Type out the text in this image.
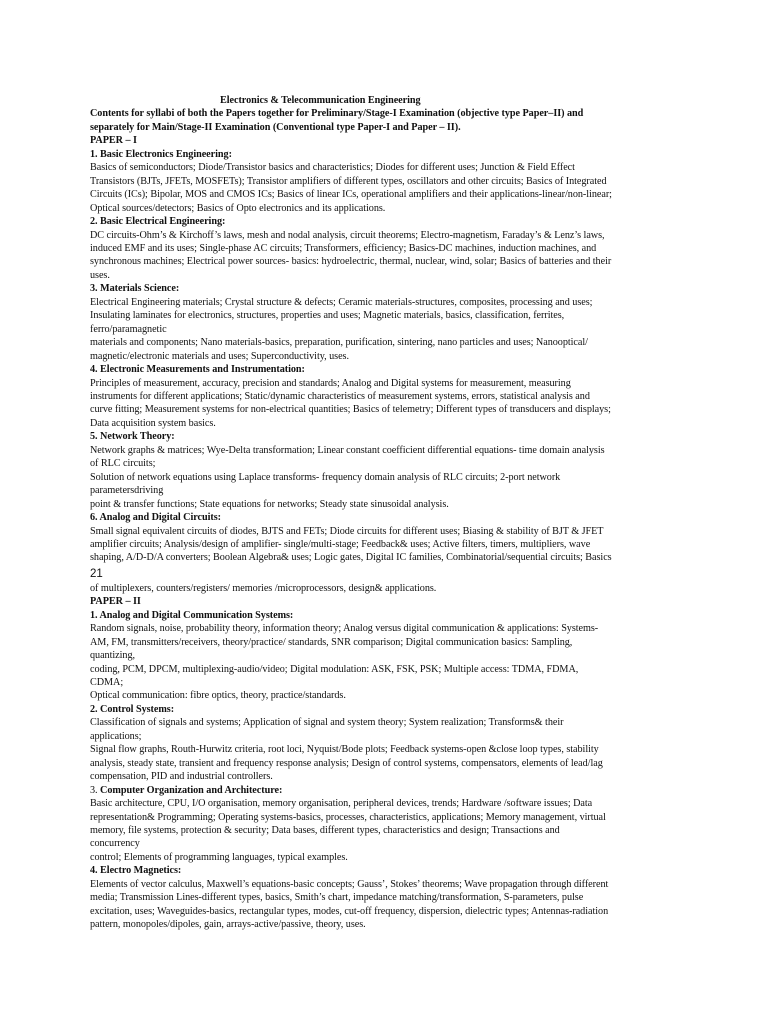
Electronics & Telecommunication Engineering
Contents for syllabi of both the Papers together for Preliminary/Stage-I Examination (objective type Paper–II) and
separately for Main/Stage-II Examination (Conventional type Paper-I and Paper – II).
PAPER – I
1. Basic Electronics Engineering:
Basics of semiconductors; Diode/Transistor basics and characteristics; Diodes for different uses; Junction & Field Effect
Transistors (BJTs, JFETs, MOSFETs); Transistor amplifiers of different types, oscillators and other circuits; Basics of Integrated
Circuits (ICs); Bipolar, MOS and CMOS ICs; Basics of linear ICs, operational amplifiers and their applications-linear/non-linear;
Optical sources/detectors; Basics of Opto electronics and its applications.
2. Basic Electrical Engineering:
DC circuits-Ohm’s & Kirchoff’s laws, mesh and nodal analysis, circuit theorems; Electro-magnetism, Faraday’s & Lenz’s laws,
induced EMF and its uses; Single-phase AC circuits; Transformers, efficiency; Basics-DC machines, induction machines, and
synchronous machines; Electrical power sources- basics: hydroelectric, thermal, nuclear, wind, solar; Basics of batteries and their
uses.
3. Materials Science:
Electrical Engineering materials; Crystal structure & defects; Ceramic materials-structures, composites, processing and uses;
Insulating laminates for electronics, structures, properties and uses; Magnetic materials, basics, classification, ferrites,
ferro/paramagnetic
materials and components; Nano materials-basics, preparation, purification, sintering, nano particles and uses; Nanooptical/
magnetic/electronic materials and uses; Superconductivity, uses.
4. Electronic Measurements and Instrumentation:
Principles of measurement, accuracy, precision and standards; Analog and Digital systems for measurement, measuring
instruments for different applications; Static/dynamic characteristics of measurement systems, errors, statistical analysis and
curve fitting; Measurement systems for non-electrical quantities; Basics of telemetry; Different types of transducers and displays;
Data acquisition system basics.
5. Network Theory:
Network graphs & matrices; Wye-Delta transformation; Linear constant coefficient differential equations- time domain analysis
of RLC circuits;
Solution of network equations using Laplace transforms- frequency domain analysis of RLC circuits; 2-port network
parametersdriving
point & transfer functions; State equations for networks; Steady state sinusoidal analysis.
6. Analog and Digital Circuits:
Small signal equivalent circuits of diodes, BJTS and FETs; Diode circuits for different uses; Biasing & stability of BJT & JFET
amplifier circuits; Analysis/design of amplifier- single/multi-stage; Feedback& uses; Active filters, timers, multipliers, wave
shaping, A/D-D/A converters; Boolean Algebra& uses; Logic gates, Digital IC families, Combinatorial/sequential circuits; Basics
21
of multiplexers, counters/registers/ memories /microprocessors, design& applications.
PAPER – II
1. Analog and Digital Communication Systems:
Random signals, noise, probability theory, information theory; Analog versus digital communication & applications: Systems-
AM, FM, transmitters/receivers, theory/practice/ standards, SNR comparison; Digital communication basics: Sampling,
quantizing,
coding, PCM, DPCM, multiplexing-audio/video; Digital modulation: ASK, FSK, PSK; Multiple access: TDMA, FDMA,
CDMA;
Optical communication: fibre optics, theory, practice/standards.
2. Control Systems:
Classification of signals and systems; Application of signal and system theory; System realization; Transforms& their
applications;
Signal flow graphs, Routh-Hurwitz criteria, root loci, Nyquist/Bode plots; Feedback systems-open &close loop types, stability
analysis, steady state, transient and frequency response analysis; Design of control systems, compensators, elements of lead/lag
compensation, PID and industrial controllers.
3. Computer Organization and Architecture:
Basic architecture, CPU, I/O organisation, memory organisation, peripheral devices, trends; Hardware /software issues; Data
representation& Programming; Operating systems-basics, processes, characteristics, applications; Memory management, virtual
memory, file systems, protection & security; Data bases, different types, characteristics and design; Transactions and
concurrency
control; Elements of programming languages, typical examples.
4. Electro Magnetics:
Elements of vector calculus, Maxwell’s equations-basic concepts; Gauss’, Stokes’ theorems; Wave propagation through different
media; Transmission Lines-different types, basics, Smith’s chart, impedance matching/transformation, S-parameters, pulse
excitation, uses; Waveguides-basics, rectangular types, modes, cut-off frequency, dispersion, dielectric types; Antennas-radiation
pattern, monopoles/dipoles, gain, arrays-active/passive, theory, uses.
